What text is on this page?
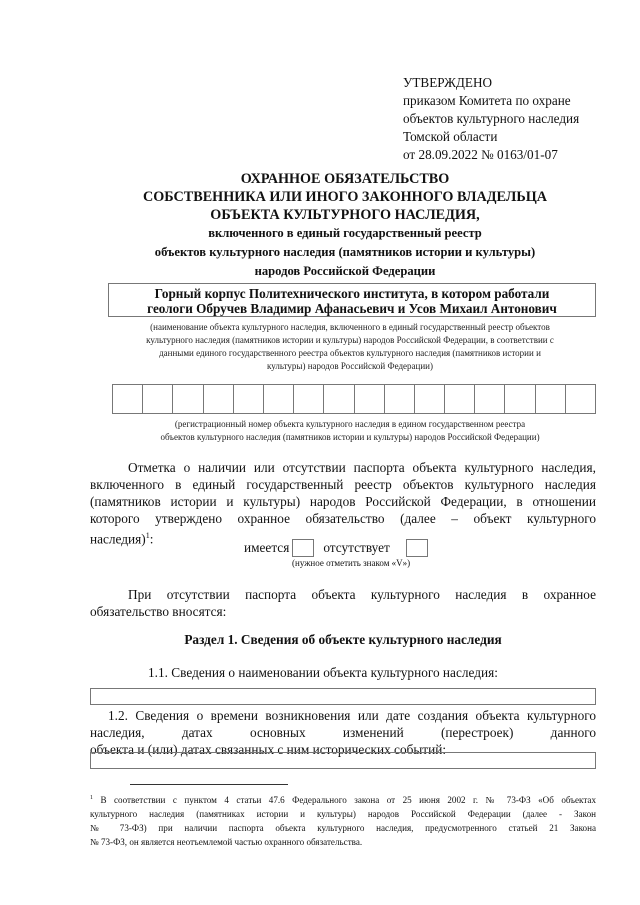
УТВЕРЖДЕНО
приказом Комитета по охране
объектов культурного наследия
Томской области
от 28.09.2022 № 0163/01-07
ОХРАННОЕ ОБЯЗАТЕЛЬСТВО
СОБСТВЕННИКА ИЛИ ИНОГО ЗАКОННОГО ВЛАДЕЛЬЦА
ОБЪЕКТА КУЛЬТУРНОГО НАСЛЕДИЯ,
включенного в единый государственный реестр
объектов культурного наследия (памятников истории и культуры)
народов Российской Федерации
Горный корпус Политехнического института, в котором работали
геологи Обручев Владимир Афанасьевич и Усов Михаил Антонович
(наименование объекта культурного наследия, включенного в единый государственный реестр объектов
культурного наследия (памятников истории и культуры) народов Российской Федерации, в соответствии с
данными единого государственного реестра объектов культурного наследия (памятников истории и
культуры) народов Российской Федерации)
(регистрационный номер объекта культурного наследия в едином государственном реестра
объектов культурного наследия (памятников истории и культуры) народов Российской Федерации)
Отметка о наличии или отсутствии паспорта объекта культурного наследия,
включенного в единый государственный реестр объектов культурного наследия
(памятников истории и культуры) народов Российской Федерации, в отношении
которого утверждено охранное обязательство (далее – объект культурного
наследия)$^1$:
имеется	отсутствует
(нужное отметить знаком «V»)
При отсутствии паспорта объекта культурного наследия в охранное
обязательство вносятся:
Раздел 1. Сведения об объекте культурного наследия
1.1. Сведения о наименовании объекта культурного наследия:
1.2. Сведения о времени возникновения или дате создания объекта культурного
наследия, датах основных изменений (перестроек) данного
объекта и (или) датах связанных с ним исторических событий:
$^1$ В соответствии с пунктом 4 статьи 47.6 Федерального закона от 25 июня 2002 г. № 73-ФЗ «Об объектах
культурного наследия (памятниках истории и культуры) народов Российской Федерации (далее - Закон
№ 73-ФЗ) при наличии паспорта объекта культурного наследия, предусмотренного статьей 21 Закона
№ 73-ФЗ, он является неотъемлемой частью охранного обязательства.
